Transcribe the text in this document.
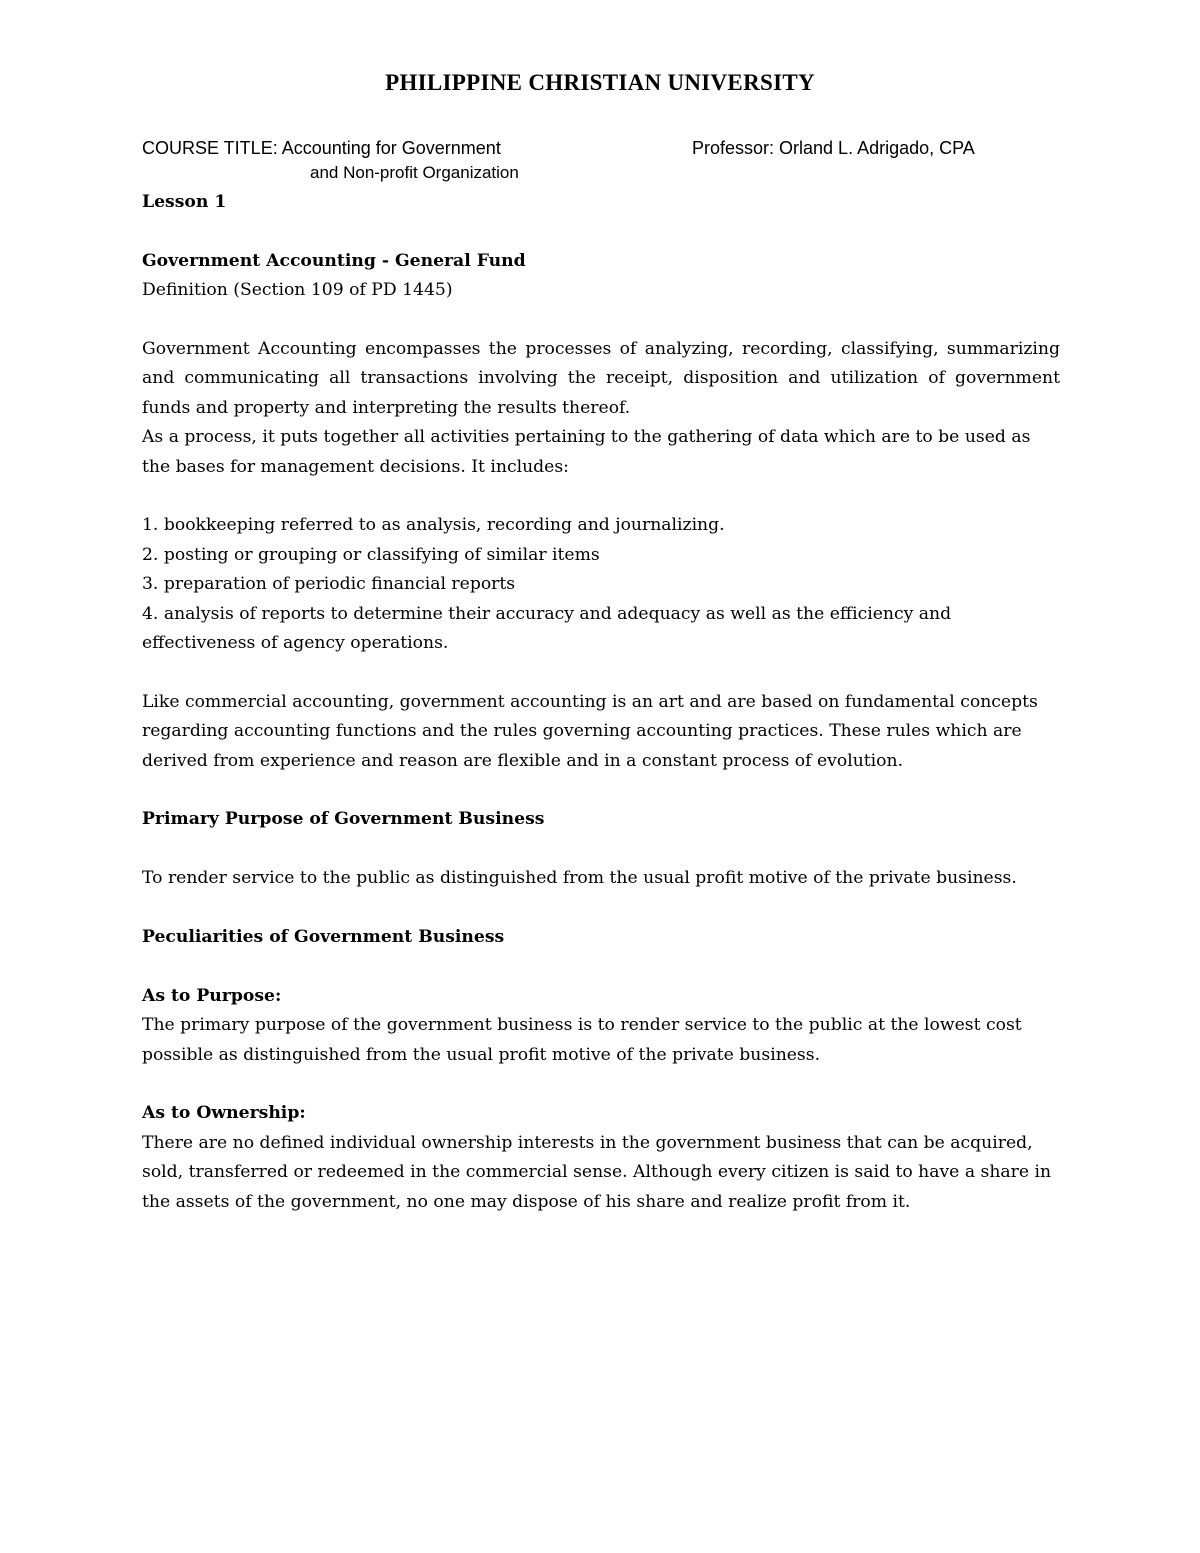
PHILIPPINE CHRISTIAN UNIVERSITY
COURSE TITLE: Accounting for Government
and Non-profit Organization
Professor: Orland L. Adrigado, CPA

Lesson 1

Government Accounting - General Fund

Definition (Section 109 of PD 1445)

Government Accounting encompasses the processes of analyzing, recording, classifying, summarizing and communicating all transactions involving the receipt, disposition and utilization of government funds and property and interpreting the results thereof.

As a process, it puts together all activities pertaining to the gathering of data which are to be used as the bases for management decisions. It includes:

1. bookkeeping referred to as analysis, recording and journalizing.

2. posting or grouping or classifying of similar items

3. preparation of periodic financial reports

4. analysis of reports to determine their accuracy and adequacy as well as the efficiency and effectiveness of agency operations.

Like commercial accounting, government accounting is an art and are based on fundamental concepts regarding accounting functions and the rules governing accounting practices. These rules which are derived from experience and reason are flexible and in a constant process of evolution.

Primary Purpose of Government Business

To render service to the public as distinguished from the usual profit motive of the private business.

Peculiarities of Government Business

As to Purpose:

The primary purpose of the government business is to render service to the public at the lowest cost possible as distinguished from the usual profit motive of the private business.

As to Ownership:

There are no defined individual ownership interests in the government business that can be acquired, sold, transferred or redeemed in the commercial sense. Although every citizen is said to have a share in the assets of the government, no one may dispose of his share and realize profit from it.
